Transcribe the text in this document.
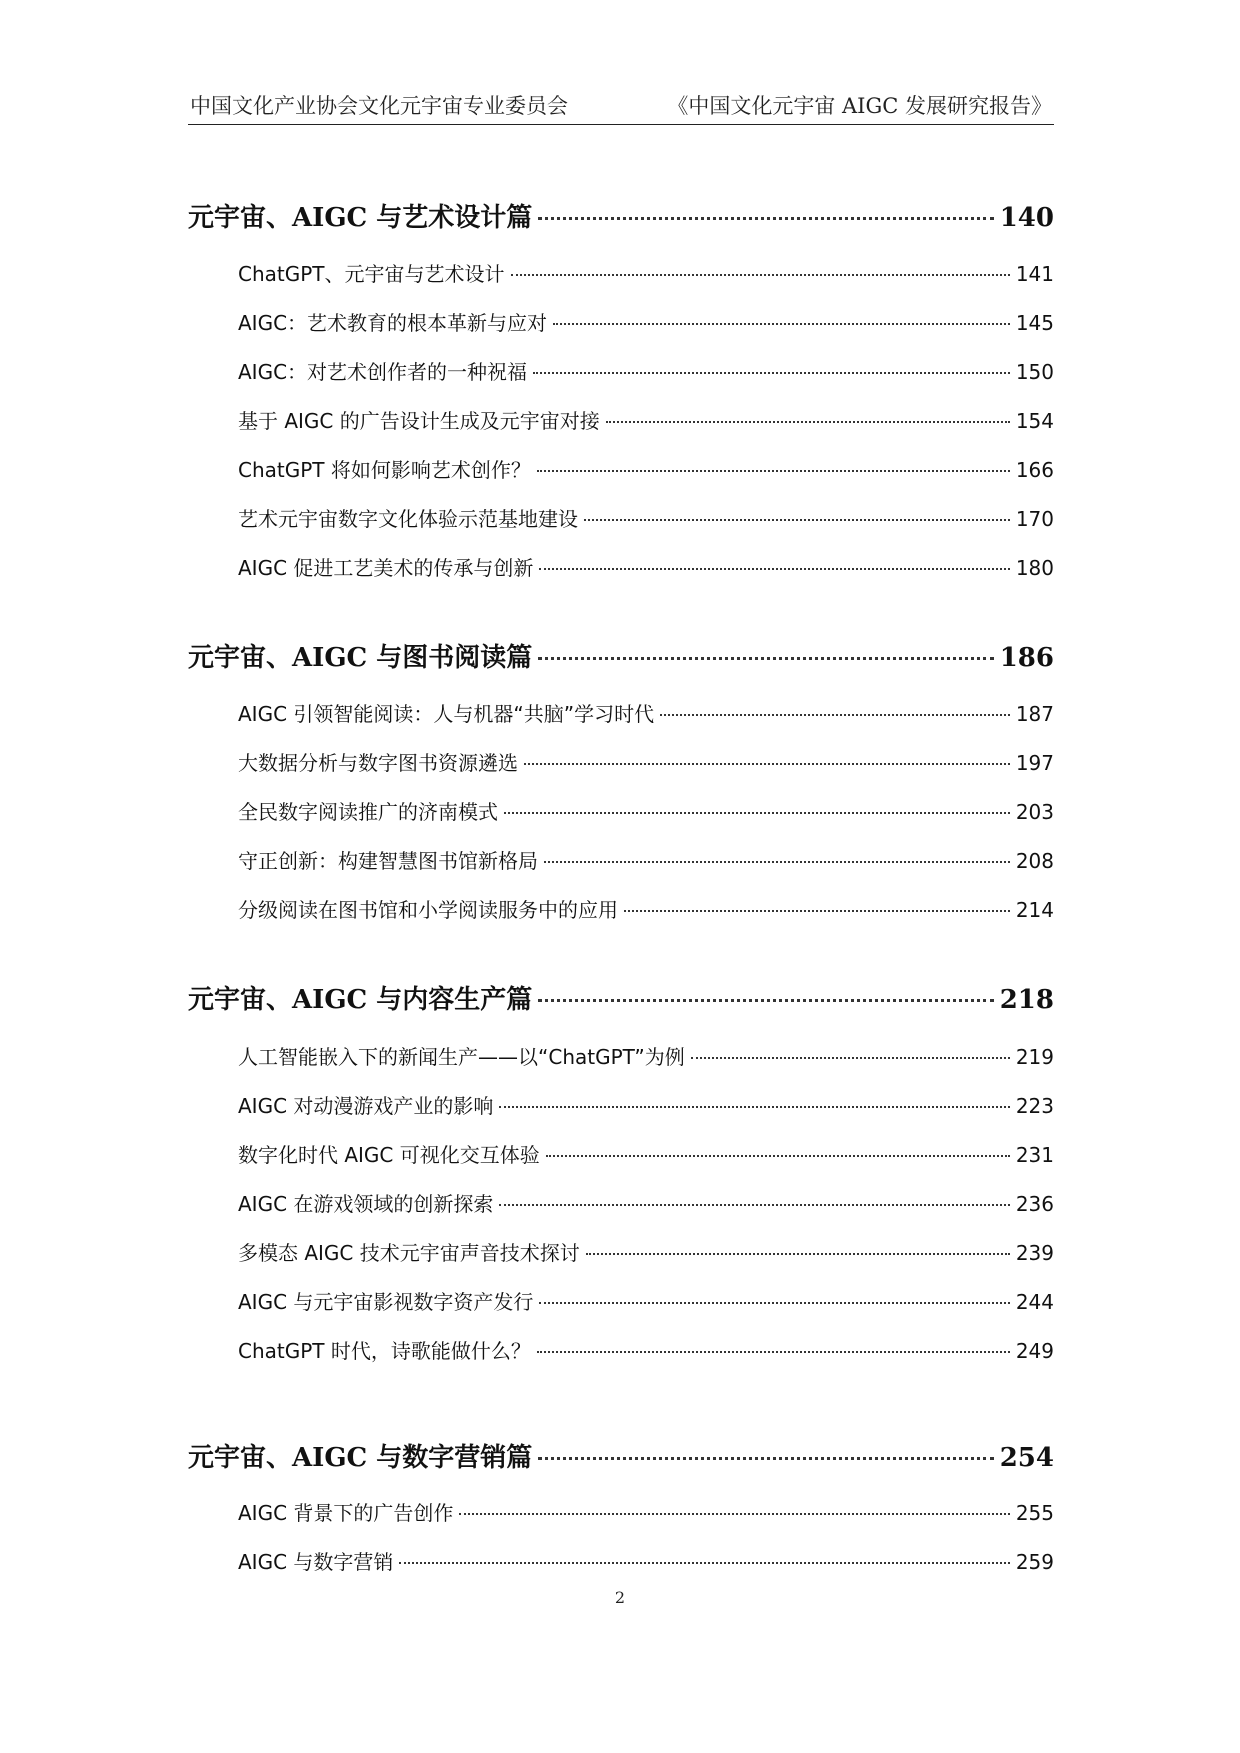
中国文化产业协会文化元宇宙专业委员会	《中国文化元宇宙 AIGC 发展研究报告》
元宇宙、AIGC 与艺术设计篇	140
ChatGPT、元宇宙与艺术设计	141
AIGC：艺术教育的根本革新与应对	145
AIGC：对艺术创作者的一种祝福	150
基于 AIGC 的广告设计生成及元宇宙对接	154
ChatGPT 将如何影响艺术创作？	166
艺术元宇宙数字文化体验示范基地建设	170
AIGC 促进工艺美术的传承与创新	180
元宇宙、AIGC 与图书阅读篇	186
AIGC 引领智能阅读：人与机器“共脑”学习时代	187
大数据分析与数字图书资源遴选	197
全民数字阅读推广的济南模式	203
守正创新：构建智慧图书馆新格局	208
分级阅读在图书馆和小学阅读服务中的应用	214
元宇宙、AIGC 与内容生产篇	218
人工智能嵌入下的新闻生产——以“ChatGPT”为例	219
AIGC 对动漫游戏产业的影响	223
数字化时代 AIGC 可视化交互体验	231
AIGC 在游戏领域的创新探索	236
多模态 AIGC 技术元宇宙声音技术探讨	239
AIGC 与元宇宙影视数字资产发行	244
ChatGPT 时代，诗歌能做什么？	249
元宇宙、AIGC 与数字营销篇	254
AIGC 背景下的广告创作	255
AIGC 与数字营销	259
2
